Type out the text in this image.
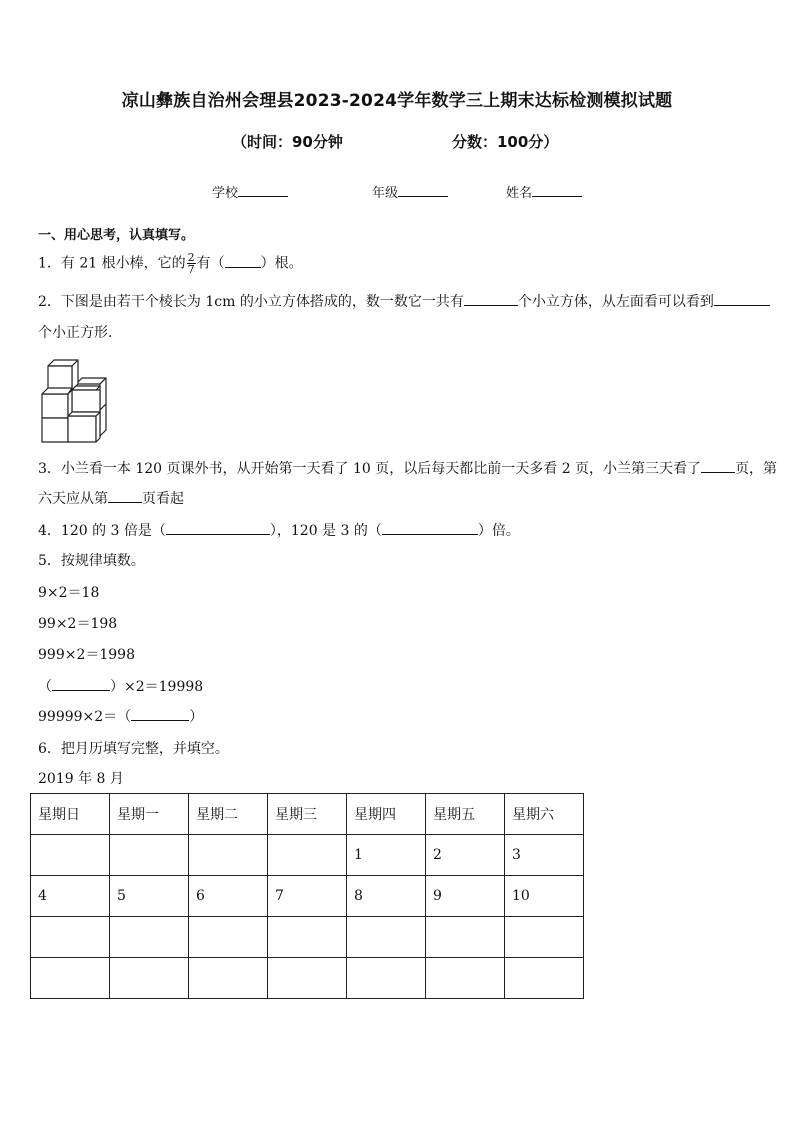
凉山彝族自治州会理县2023-2024学年数学三上期末达标检测模拟试题
（时间：90分钟	分数：100分）
学校	年级	姓名
一、用心思考，认真填写。
1．有 21 根小棒，它的 $\frac{2}{7}$ 有（	）根。
2．下图是由若干个棱长为 1cm 的小立方体搭成的，数一数它一共有	个小立方体，从左面看可以看到
个小正方形．
3．小兰看一本 120 页课外书，从开始第一天看了 10 页，以后每天都比前一天多看 2 页，小兰第三天看了 页，第
六天应从第 页看起
4．120 的 3 倍是（	），120 是 3 的（	）倍。
5．按规律填数。
9×2＝18
99×2＝198
999×2＝1998
（	）×2＝19998
99999×2＝（	）
6．把月历填写完整，并填空。
2019 年 8 月
星期日	星期一	星期二	星期三	星期四	星期五	星期六
				1	2	3
4	5	6	7	8	9	10
